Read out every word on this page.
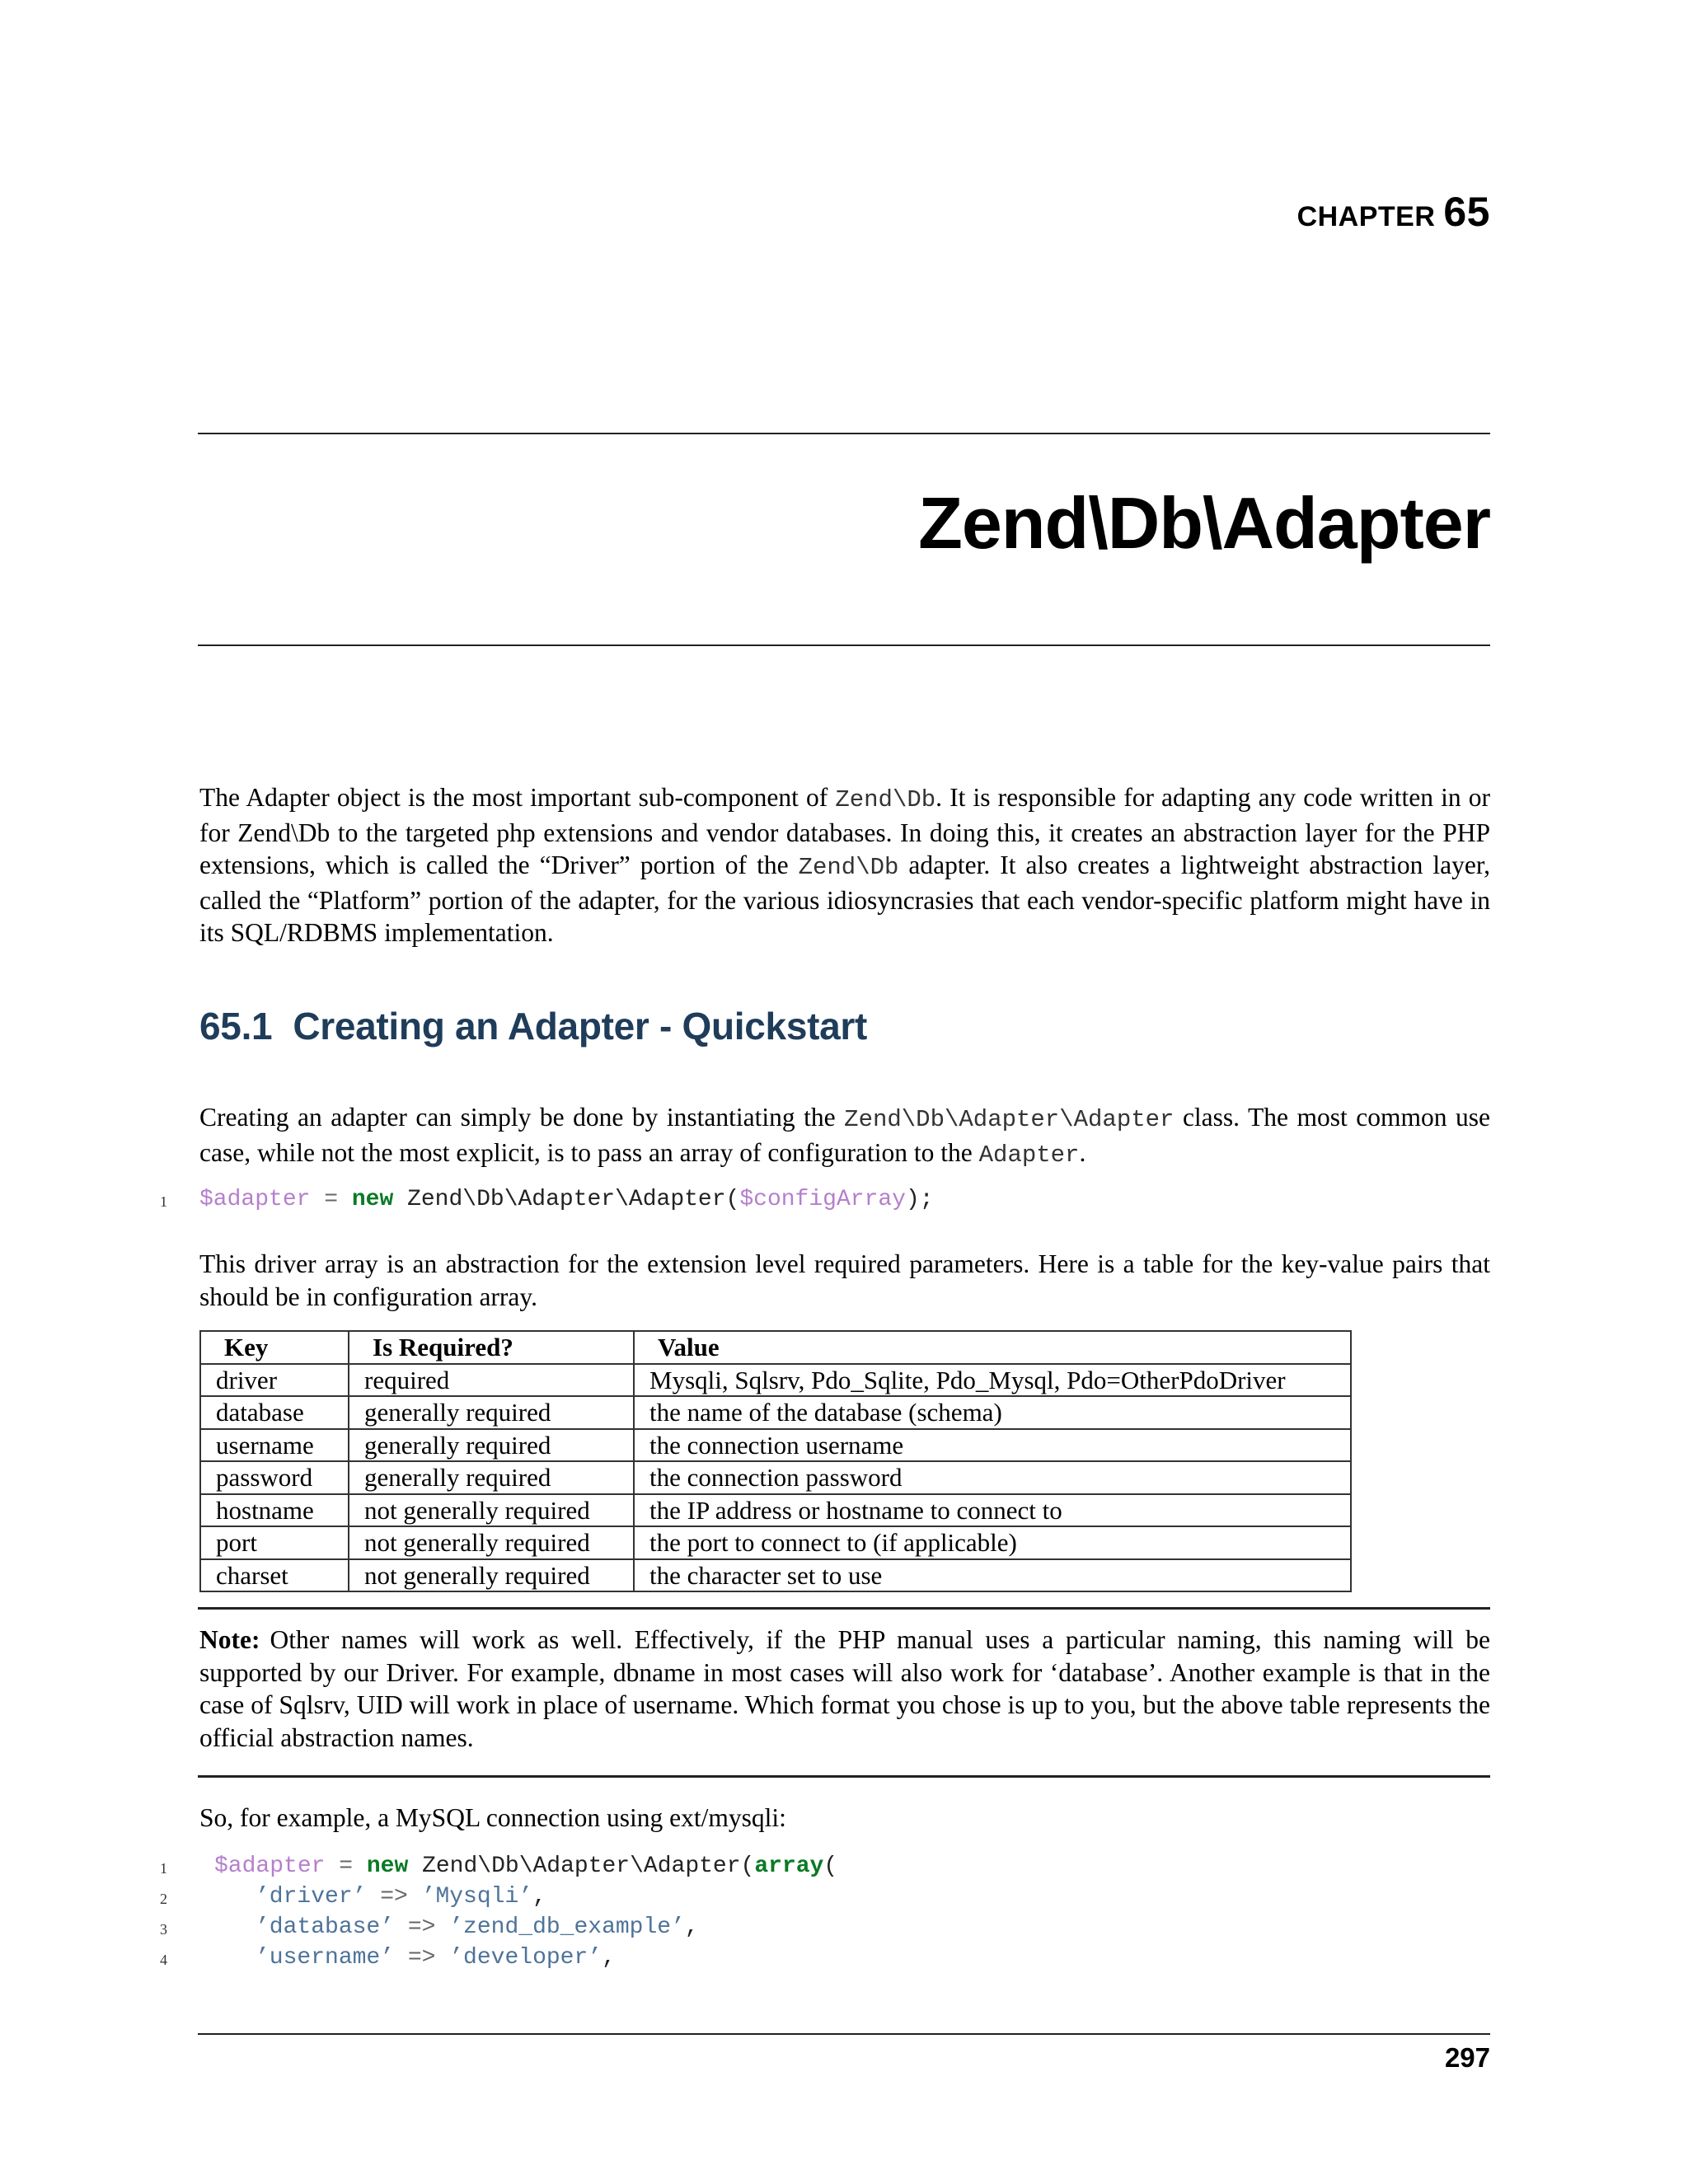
CHAPTER 65
Zend\Db\Adapter

The Adapter object is the most important sub-component of Zend\Db. It is responsible for adapting any code written in or for Zend\Db to the targeted php extensions and vendor databases. In doing this, it creates an abstraction layer for the PHP extensions, which is called the “Driver” portion of the Zend\Db adapter. It also creates a lightweight abstraction layer, called the “Platform” portion of the adapter, for the various idiosyncrasies that each vendor-specific platform might have in its SQL/RDBMS implementation.

65.1 Creating an Adapter - Quickstart

Creating an adapter can simply be done by instantiating the Zend\Db\Adapter\Adapter class. The most common use case, while not the most explicit, is to pass an array of configuration to the Adapter.

1 $adapter = new Zend\Db\Adapter\Adapter($configArray);

This driver array is an abstraction for the extension level required parameters. Here is a table for the key-value pairs that should be in configuration array.

Key	Is Required?	Value
driver	required	Mysqli, Sqlsrv, Pdo_Sqlite, Pdo_Mysql, Pdo=OtherPdoDriver
database	generally required	the name of the database (schema)
username	generally required	the connection username
password	generally required	the connection password
hostname	not generally required	the IP address or hostname to connect to
port	not generally required	the port to connect to (if applicable)
charset	not generally required	the character set to use

Note: Other names will work as well. Effectively, if the PHP manual uses a particular naming, this naming will be supported by our Driver. For example, dbname in most cases will also work for ‘database’. Another example is that in the case of Sqlsrv, UID will work in place of username. Which format you chose is up to you, but the above table represents the official abstraction names.

So, for example, a MySQL connection using ext/mysqli:

1 $adapter = new Zend\Db\Adapter\Adapter(array(
2	’driver’ => ’Mysqli’,
3	’database’ => ’zend_db_example’,
4	’username’ => ’developer’,
297
